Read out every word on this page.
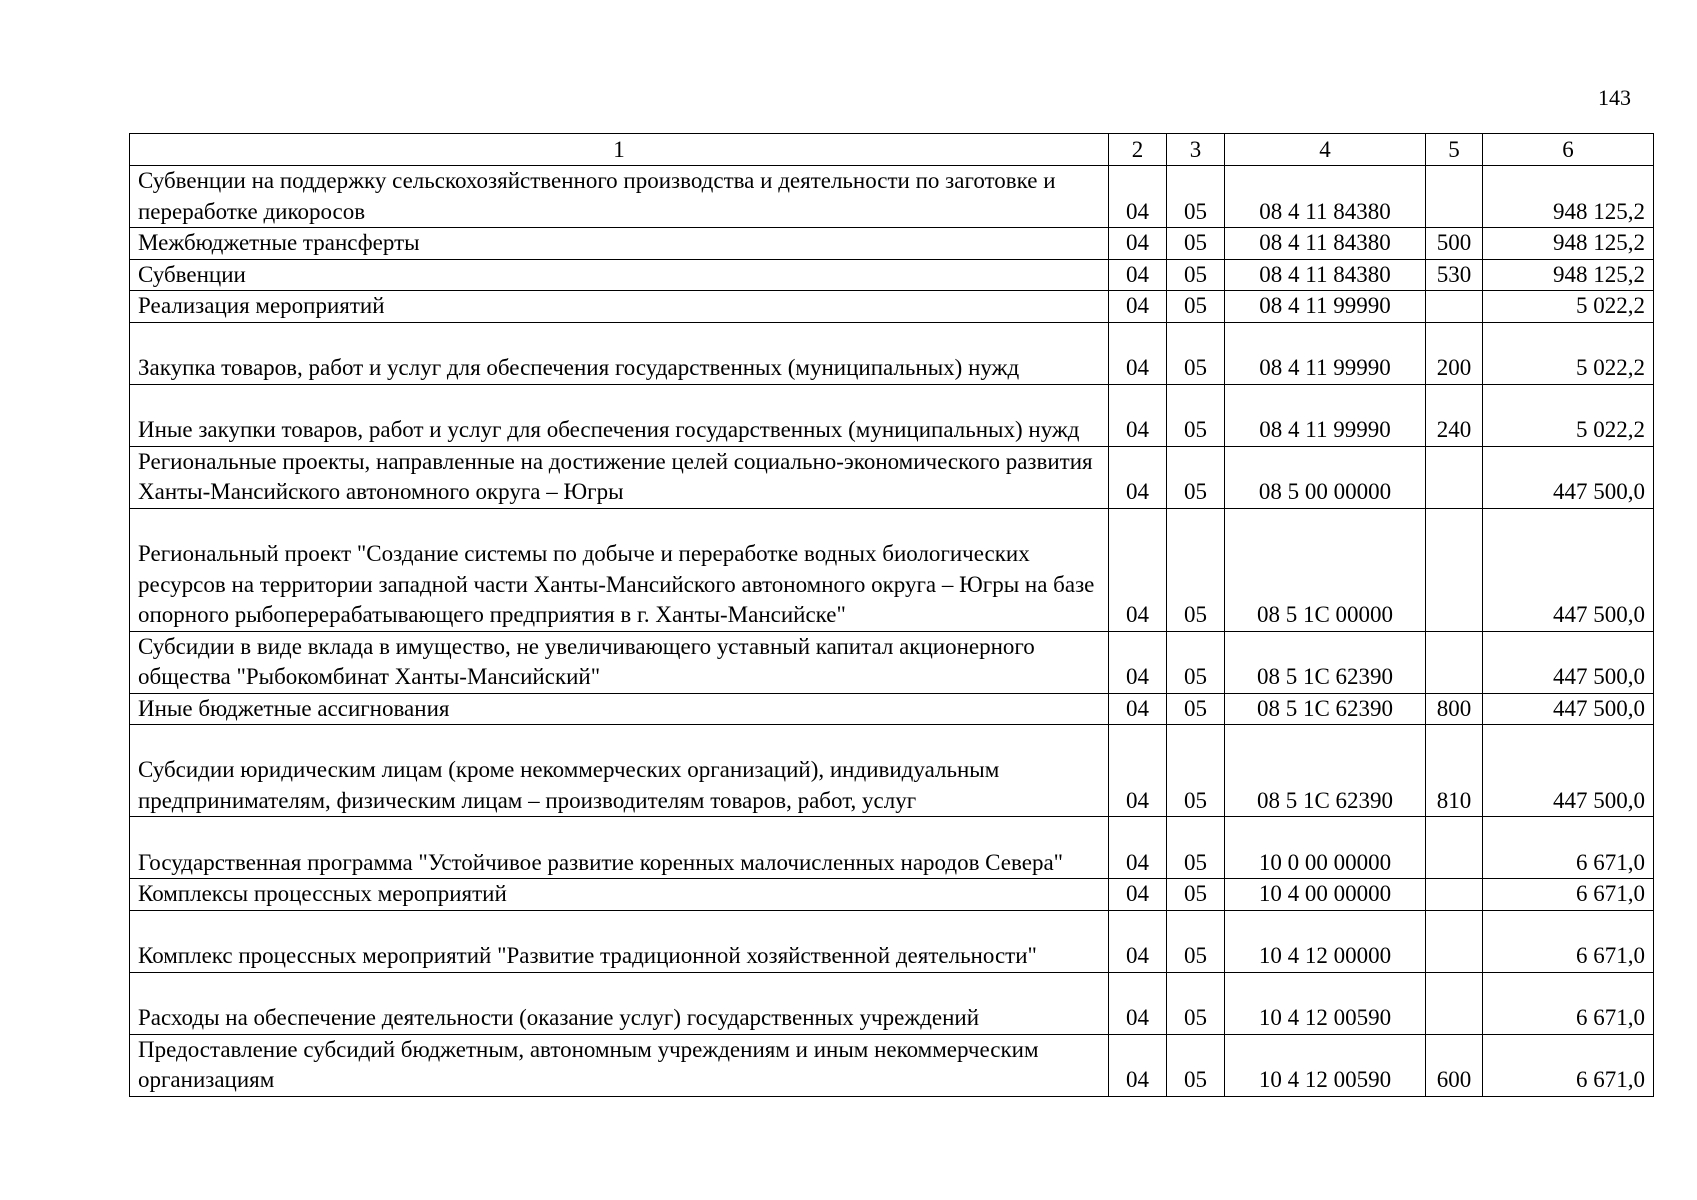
143
1	2	3	4	5	6
Субвенции на поддержку сельскохозяйственного производства и деятельности по заготовке и переработке дикоросов	04	05	08 4 11 84380		948 125,2
Межбюджетные трансферты	04	05	08 4 11 84380	500	948 125,2
Субвенции	04	05	08 4 11 84380	530	948 125,2
Реализация мероприятий	04	05	08 4 11 99990		5 022,2
Закупка товаров, работ и услуг для обеспечения государственных (муниципальных) нужд	04	05	08 4 11 99990	200	5 022,2
Иные закупки товаров, работ и услуг для обеспечения государственных (муниципальных) нужд	04	05	08 4 11 99990	240	5 022,2
Региональные проекты, направленные на достижение целей социально-экономического развития Ханты-Мансийского автономного округа – Югры	04	05	08 5 00 00000		447 500,0
Региональный проект "Создание системы по добыче и переработке водных биологических ресурсов на территории западной части Ханты-Мансийского автономного округа – Югры на базе опорного рыбоперерабатывающего предприятия в г. Ханты-Мансийске"	04	05	08 5 1С 00000		447 500,0
Субсидии в виде вклада в имущество, не увеличивающего уставный капитал акционерного общества "Рыбокомбинат Ханты-Мансийский"	04	05	08 5 1С 62390		447 500,0
Иные бюджетные ассигнования	04	05	08 5 1С 62390	800	447 500,0
Субсидии юридическим лицам (кроме некоммерческих организаций), индивидуальным предпринимателям, физическим лицам – производителям товаров, работ, услуг	04	05	08 5 1С 62390	810	447 500,0
Государственная программа "Устойчивое развитие коренных малочисленных народов Севера"	04	05	10 0 00 00000		6 671,0
Комплексы процессных мероприятий	04	05	10 4 00 00000		6 671,0
Комплекс процессных мероприятий "Развитие традиционной хозяйственной деятельности"	04	05	10 4 12 00000		6 671,0
Расходы на обеспечение деятельности (оказание услуг) государственных учреждений	04	05	10 4 12 00590		6 671,0
Предоставление субсидий бюджетным, автономным учреждениям и иным некоммерческим организациям	04	05	10 4 12 00590	600	6 671,0
